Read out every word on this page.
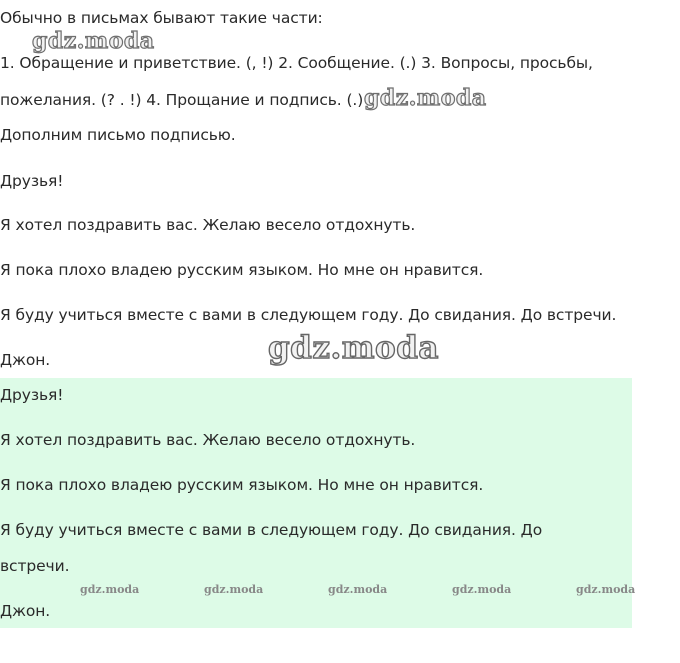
Обычно в письмах бывают такие части:

1. Обращение и приветствие. (, !) 2. Сообщение. (.) 3. Вопросы, просьбы,

пожелания. (? . !) 4. Прощание и подпись. (.)

Дополним письмо подписью.

Друзья!

Я хотел поздравить вас. Желаю весело отдохнуть.

Я пока плохо владею русским языком. Но мне он нравится.

Я буду учиться вместе с вами в следующем году. До свидания. До встречи.

Джон.

Друзья!

Я хотел поздравить вас. Желаю весело отдохнуть.

Я пока плохо владею русским языком. Но мне он нравится.

Я буду учиться вместе с вами в следующем году. До свидания. До

встречи.

Джон.

gdz.moda
gdz.moda
gdz.moda
gdz.moda	gdz.moda	gdz.moda	gdz.moda	gdz.moda
